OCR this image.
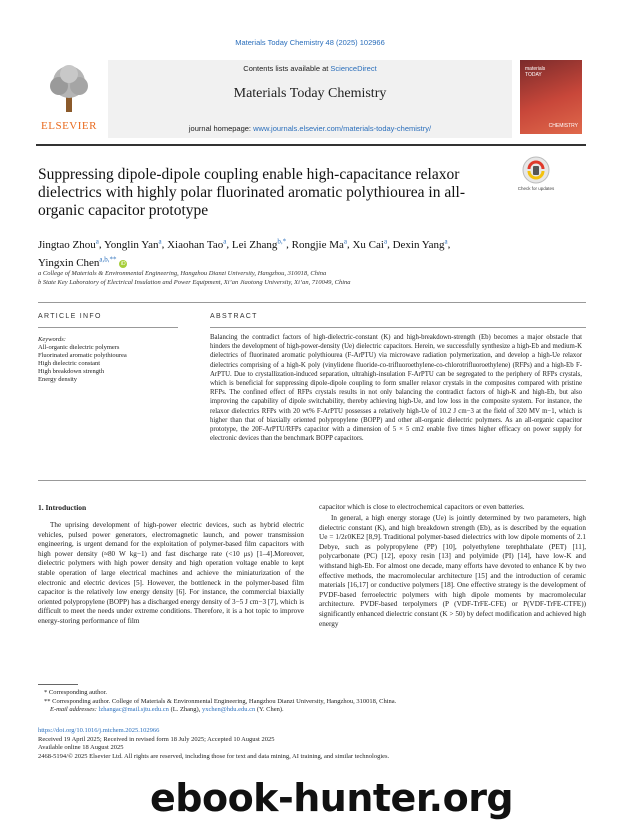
Materials Today Chemistry 48 (2025) 102966
ELSEVIER
Contents lists available at ScienceDirect
Materials Today Chemistry
journal homepage: www.journals.elsevier.com/materials-today-chemistry/
materials
TODAY
CHEMISTRY
Suppressing dipole-dipole coupling enable high-capacitance relaxor dielectrics with highly polar fluorinated aromatic polythiourea in all-organic capacitor prototype
Check for updates
Jingtao Zhou$^a$, Yonglin Yan$^a$, Xiaohan Tao$^a$, Lei Zhang$^{b,*}$, Rongjie Ma$^a$, Xu Cai$^a$, Dexin Yang$^a$,
Yingxin Chen$^{a,b,**}$ iD
a College of Materials & Environmental Engineering, Hangzhou Dianzi University, Hangzhou, 310018, China
b State Key Laboratory of Electrical Insulation and Power Equipment, Xi’an Jiaotong University, Xi’an, 710049, China
ARTICLE INFO	ABSTRACT
Keywords:
All-organic dielectric polymers
Fluorinated aromatic polythiourea
High dielectric constant
High breakdown strength
Energy density
Balancing the contradict factors of high-dielectric-constant (K) and high-breakdown-strength (Eb) becomes a major obstacle that hinders the development of high-power-density (Ue) dielectric capacitors. Herein, we successfully synthesize a high-Eb and medium-K dielectrics of fluorinated aromatic polythiourea (F-ArPTU) via microwave radiation polymerization, and develop a high-Ue relaxor dielectrics comprising of a high-K poly (vinylidene fluoride-co-trifluoroethylene-co-chlorotrifluoroethylene) (RFPs) and a high-Eb F-ArPTU. Due to crystallization-induced separation, ultrahigh-insulation F-ArPTU can be segregated to the periphery of RFPs crystals, which is beneficial for suppressing dipole-dipole coupling to form smaller relaxor crystals in the composites compared with pristine RFPs. The confined effect of RFPs crystals results in not only balancing the contradict factors of high-K and high-Eb, but also improving the capability of dipole switchability, thereby achieving high-Ue, and low loss in the composite system. For instance, the relaxor dielectrics RFPs with 20 wt% F-ArPTU possesses a relatively high-Ue of 10.2 J cm−3 at the field of 320 MV m−1, which is higher than that of biaxially oriented polypropylene (BOPP) and other all-organic dielectric polymers. As an all-organic capacitor prototype, the 20F-ArPTU/RFPs capacitor with a dimension of 5 × 5 cm2 enable five times higher efficacy on power supply for electronic devices than the benchmark BOPP capacitors.
1. Introduction
The uprising development of high-power electric devices, such as hybrid electric vehicles, pulsed power generators, electromagnetic launch, and power transmission engineering, is urgent demand for the exploitation of polymer-based film capacitors with high power density (≈80 W kg−1) and fast discharge rate (<10 μs) [1–4].Moreover, dielectric polymers with high power density and high operation voltage enable to kept stable operation of large electrical machines and achieve the miniaturization of the electronic and electric devices [5]. However, the bottleneck in the polymer-based film capacitor is the relatively low energy density [6]. For instance, the commercial biaxially oriented polypropylene (BOPP) has a discharged energy density of 3−5 J cm−3 [7], which is difficult to meet the needs under extreme conditions. Therefore, it is a hot topic to improve energy-storing performance of film
capacitor which is close to electrochemical capacitors or even batteries.
In general, a high energy storage (Ue) is jointly determined by two parameters, high dielectric constant (K), and high breakdown strength (Eb), as is described by the equation Ue = 1/2ε0KE2 [8,9]. Traditional polymer-based dielectrics with low dipole moments of 2.1 Debye, such as polypropylene (PP) [10], polyethylene terephthalate (PET) [11], polycarbonate (PC) [12], epoxy resin [13] and polyimide (PI) [14], have low-K and withstand high-Eb. For almost one decade, many efforts have devoted to enhance K by two effective methods, the macromolecular architecture [15] and the introduction of ceramic materials [16,17] or conductive polymers [18]. One effective strategy is the development of PVDF-based ferroelectric polymers with high dipole moments by macromolecular architecture. PVDF-based terpolymers (P (VDF-TrFE-CFE) or P(VDF-TrFE-CTFE)) significantly enhanced dielectric constant (K > 50) by defect modification and achieved high energy
* Corresponding author.
** Corresponding author. College of Materials & Environmental Engineering, Hangzhou Dianzi University, Hangzhou, 310018, China.
E-mail addresses: lzhangac@mail.sjtu.edu.cn (L. Zhang), yxchen@hdu.edu.cn (Y. Chen).
https://doi.org/10.1016/j.mtchem.2025.102966
Received 19 April 2025; Received in revised form 18 July 2025; Accepted 10 August 2025
Available online 18 August 2025
2468-5194/© 2025 Elsevier Ltd. All rights are reserved, including those for text and data mining, AI training, and similar technologies.
ebook-hunter.org
